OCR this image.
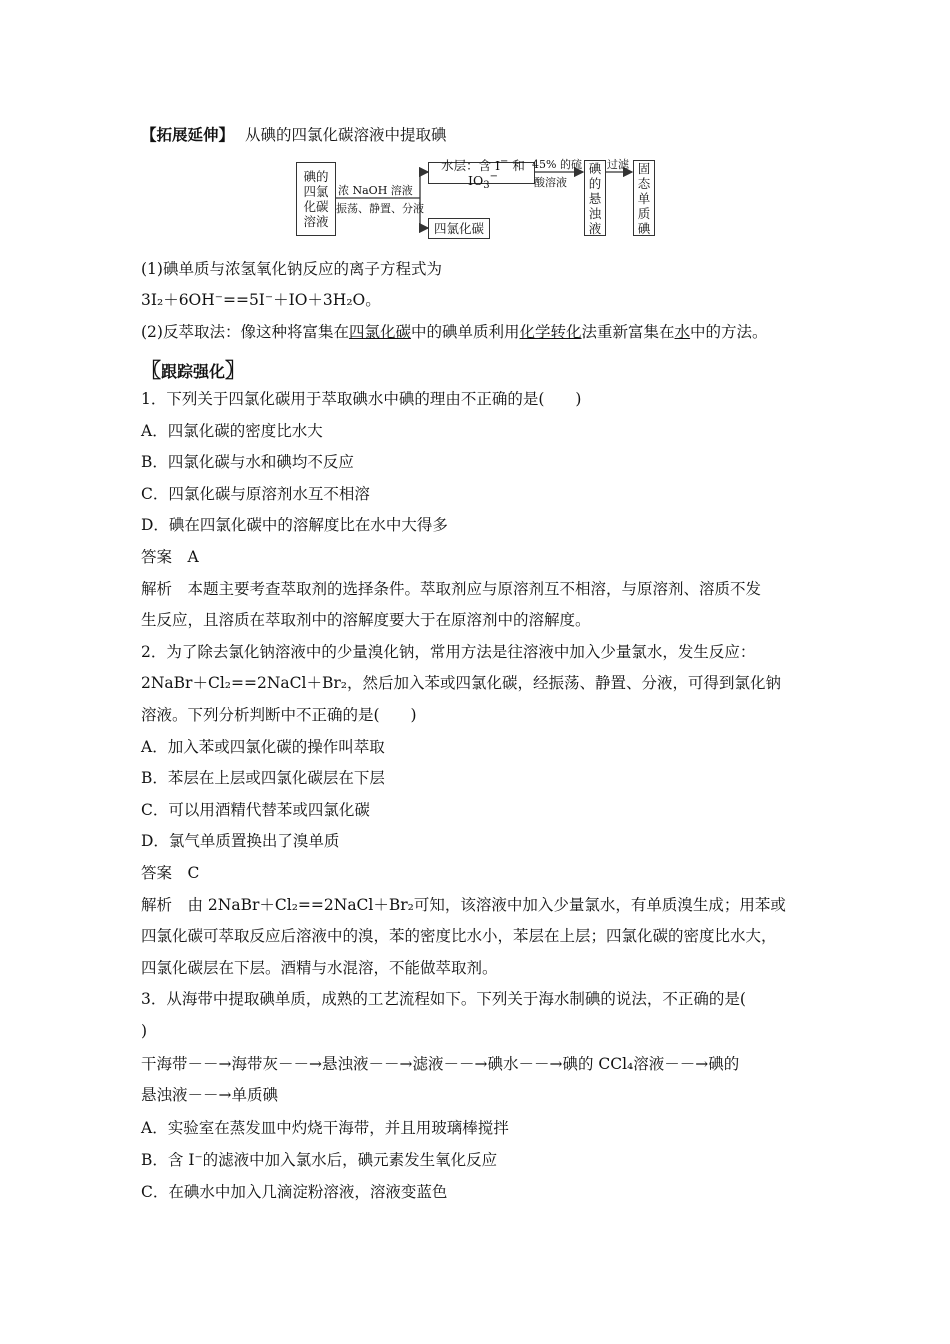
【拓展延伸】 从碘的四氯化碳溶液中提取碘
碘的四氯化碳溶液
浓 NaOH 溶液
振荡、静置、分液
水层：含 I− 和 $IO_3^-$
四氯化碳
45% 的硫
酸溶液
碘的悬浊液
过滤 固态单质碘
(1)碘单质与浓氢氧化钠反应的离子方程式为
3I₂＋6OH⁻==5I⁻＋IO＋3H₂O。
(2)反萃取法：像这种将富集在四氯化碳中的碘单质利用化学转化法重新富集在水中的方法。
〖跟踪强化〗
1．下列关于四氯化碳用于萃取碘水中碘的理由不正确的是(　　)
A．四氯化碳的密度比水大
B．四氯化碳与水和碘均不反应
C．四氯化碳与原溶剂水互不相溶
D．碘在四氯化碳中的溶解度比在水中大得多
答案　A
解析　本题主要考查萃取剂的选择条件。萃取剂应与原溶剂互不相溶，与原溶剂、溶质不发
生反应，且溶质在萃取剂中的溶解度要大于在原溶剂中的溶解度。
2．为了除去氯化钠溶液中的少量溴化钠，常用方法是往溶液中加入少量氯水，发生反应：
2NaBr＋Cl₂==2NaCl＋Br₂，然后加入苯或四氯化碳，经振荡、静置、分液，可得到氯化钠
溶液。下列分析判断中不正确的是(　　)
A．加入苯或四氯化碳的操作叫萃取
B．苯层在上层或四氯化碳层在下层
C．可以用酒精代替苯或四氯化碳
D．氯气单质置换出了溴单质
答案　C
解析　由 2NaBr＋Cl₂==2NaCl＋Br₂可知，该溶液中加入少量氯水，有单质溴生成；用苯或
四氯化碳可萃取反应后溶液中的溴，苯的密度比水小，苯层在上层；四氯化碳的密度比水大，
四氯化碳层在下层。酒精与水混溶，不能做萃取剂。
3．从海带中提取碘单质，成熟的工艺流程如下。下列关于海水制碘的说法，不正确的是(
)
干海带－－→海带灰－－→悬浊液－－→滤液－－→碘水－－→碘的 CCl₄溶液－－→碘的
悬浊液－－→单质碘
A．实验室在蒸发皿中灼烧干海带，并且用玻璃棒搅拌
B．含 I⁻的滤液中加入氯水后，碘元素发生氧化反应
C．在碘水中加入几滴淀粉溶液，溶液变蓝色
